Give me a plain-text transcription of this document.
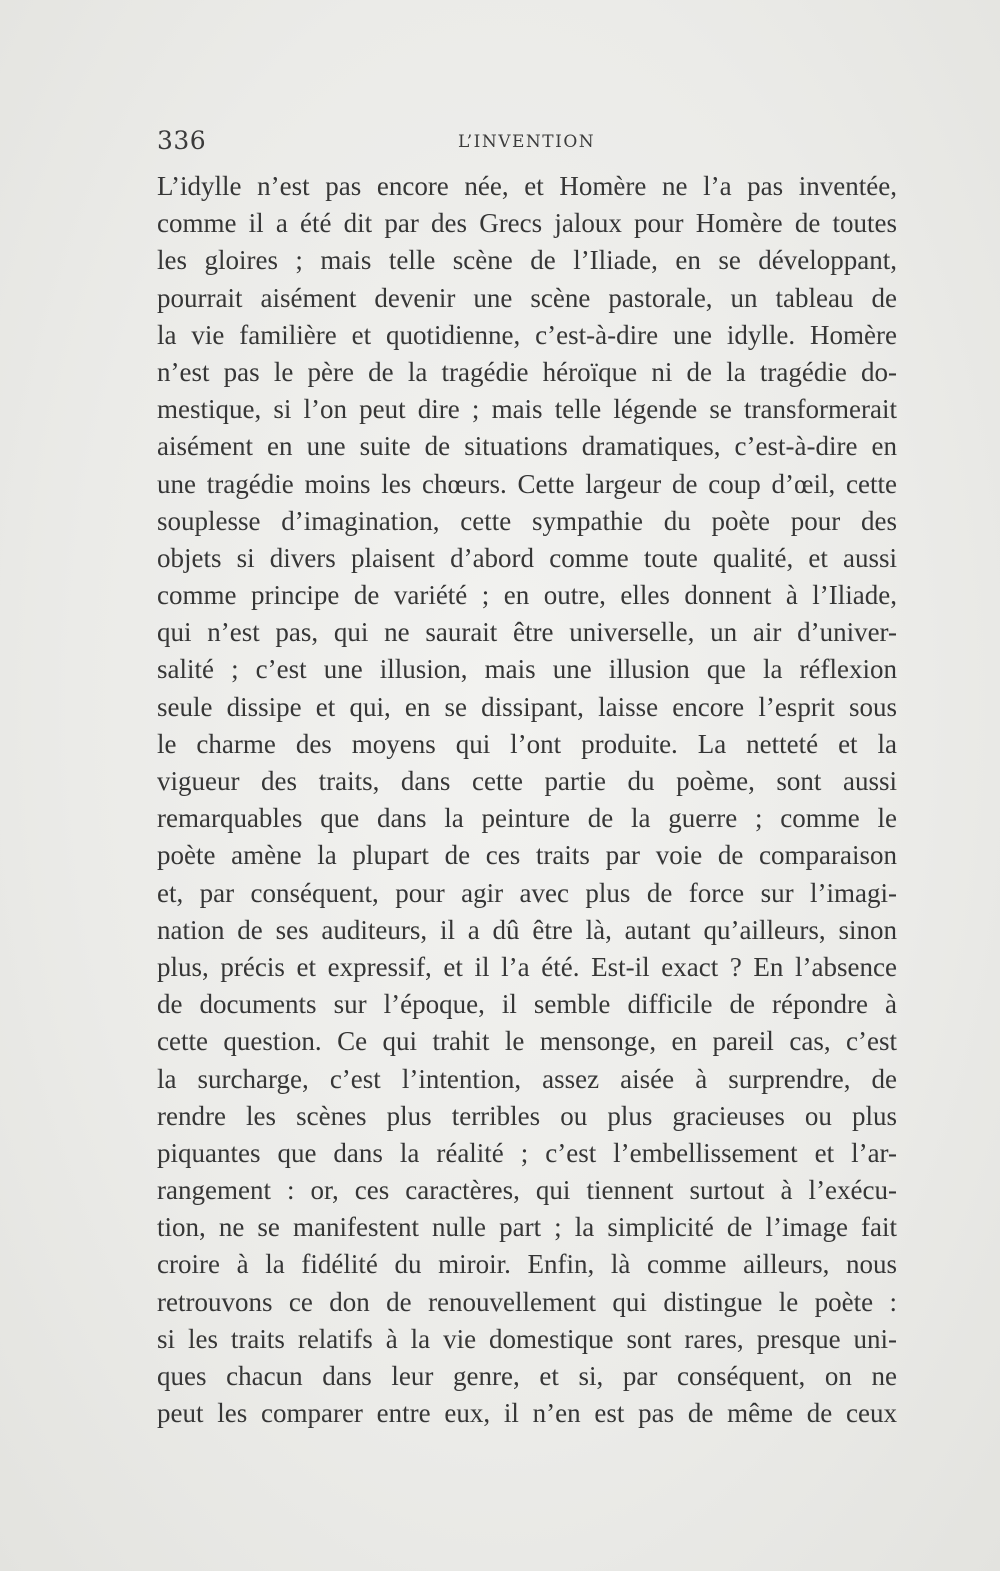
336	L’INVENTION
L’idylle n’est pas encore née, et Homère ne l’a pas inventée,
comme il a été dit par des Grecs jaloux pour Homère de toutes
les gloires ; mais telle scène de l’Iliade, en se développant,
pourrait aisément devenir une scène pastorale, un tableau de
la vie familière et quotidienne, c’est-à-dire une idylle. Homère
n’est pas le père de la tragédie héroïque ni de la tragédie do-
mestique, si l’on peut dire ; mais telle légende se transformerait
aisément en une suite de situations dramatiques, c’est-à-dire en
une tragédie moins les chœurs. Cette largeur de coup d’œil, cette
souplesse d’imagination, cette sympathie du poète pour des
objets si divers plaisent d’abord comme toute qualité, et aussi
comme principe de variété ; en outre, elles donnent à l’Iliade,
qui n’est pas, qui ne saurait être universelle, un air d’univer-
salité ; c’est une illusion, mais une illusion que la réflexion
seule dissipe et qui, en se dissipant, laisse encore l’esprit sous
le charme des moyens qui l’ont produite. La netteté et la
vigueur des traits, dans cette partie du poème, sont aussi
remarquables que dans la peinture de la guerre ; comme le
poète amène la plupart de ces traits par voie de comparaison
et, par conséquent, pour agir avec plus de force sur l’imagi-
nation de ses auditeurs, il a dû être là, autant qu’ailleurs, sinon
plus, précis et expressif, et il l’a été. Est-il exact ? En l’absence
de documents sur l’époque, il semble difficile de répondre à
cette question. Ce qui trahit le mensonge, en pareil cas, c’est
la surcharge, c’est l’intention, assez aisée à surprendre, de
rendre les scènes plus terribles ou plus gracieuses ou plus
piquantes que dans la réalité ; c’est l’embellissement et l’ar-
rangement : or, ces caractères, qui tiennent surtout à l’exécu-
tion, ne se manifestent nulle part ; la simplicité de l’image fait
croire à la fidélité du miroir. Enfin, là comme ailleurs, nous
retrouvons ce don de renouvellement qui distingue le poète :
si les traits relatifs à la vie domestique sont rares, presque uni-
ques chacun dans leur genre, et si, par conséquent, on ne
peut les comparer entre eux, il n’en est pas de même de ceux
